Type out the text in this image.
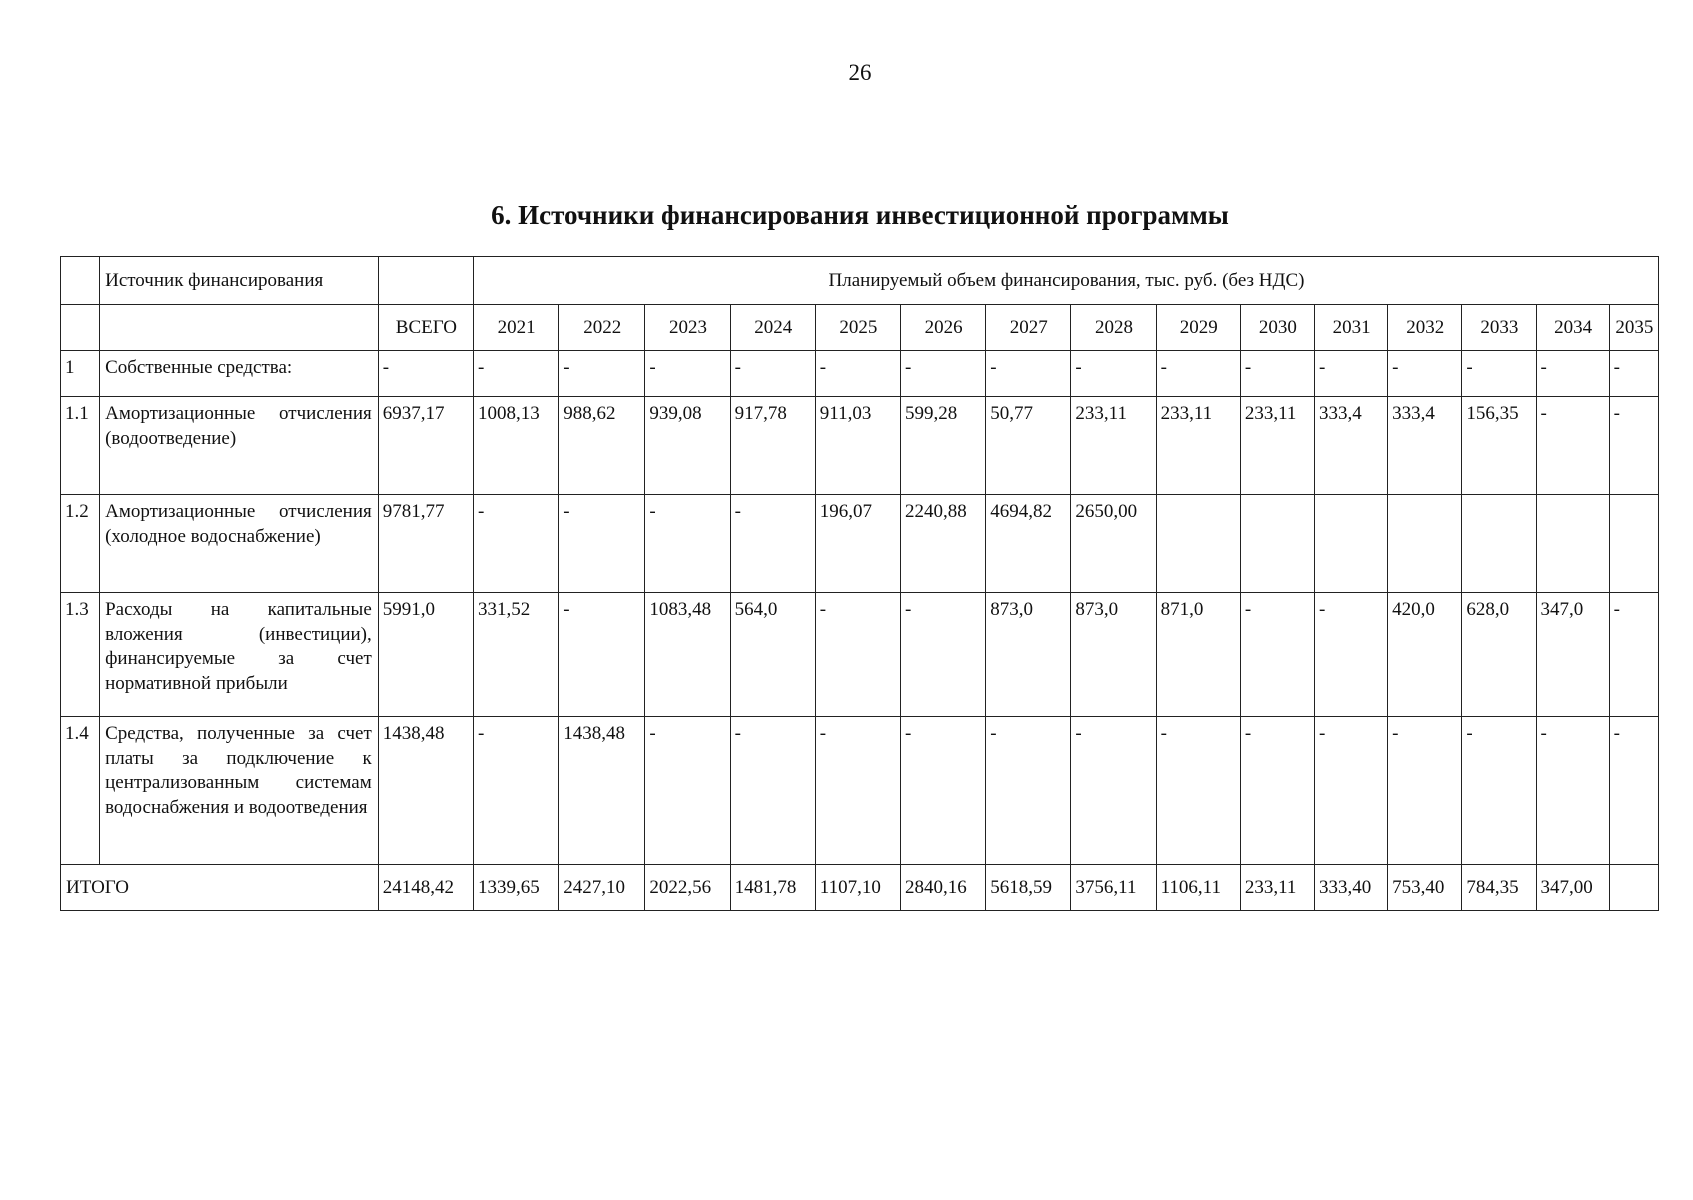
26
6. Источники финансирования инвестиционной программы
	Источник финансирования		Планируемый объем финансирования, тыс. руб. (без НДС)														
		ВСЕГО	2021	2022	2023	2024	2025	2026	2027	2028	2029	2030	2031	2032	2033	2034	2035
1	Собственные средства:	-	-	-	-	-	-	-	-	-	-	-	-	-	-	-	-
1.1	Амортизационные отчисления (водоотведение)	6937,17	1008,13	988,62	939,08	917,78	911,03	599,28	50,77	233,11	233,11	233,11	333,4	333,4	156,35	-	-
1.2	Амортизационные отчисления (холодное водоснабжение)	9781,77	-	-	-	-	196,07	2240,88	4694,82	2650,00							
1.3	Расходы на капитальные вложения (инвестиции), финансируемые за счет нормативной прибыли	5991,0	331,52	-	1083,48	564,0	-	-	873,0	873,0	871,0	-	-	420,0	628,0	347,0	-
1.4	Средства, полученные за счет платы за подключение к централизованным системам водоснабжения и водоотведения	1438,48	-	1438,48	-	-	-	-	-	-	-	-	-	-	-	-	-
ИТОГО		24148,42	1339,65	2427,10	2022,56	1481,78	1107,10	2840,16	5618,59	3756,11	1106,11	233,11	333,40	753,40	784,35	347,00	
